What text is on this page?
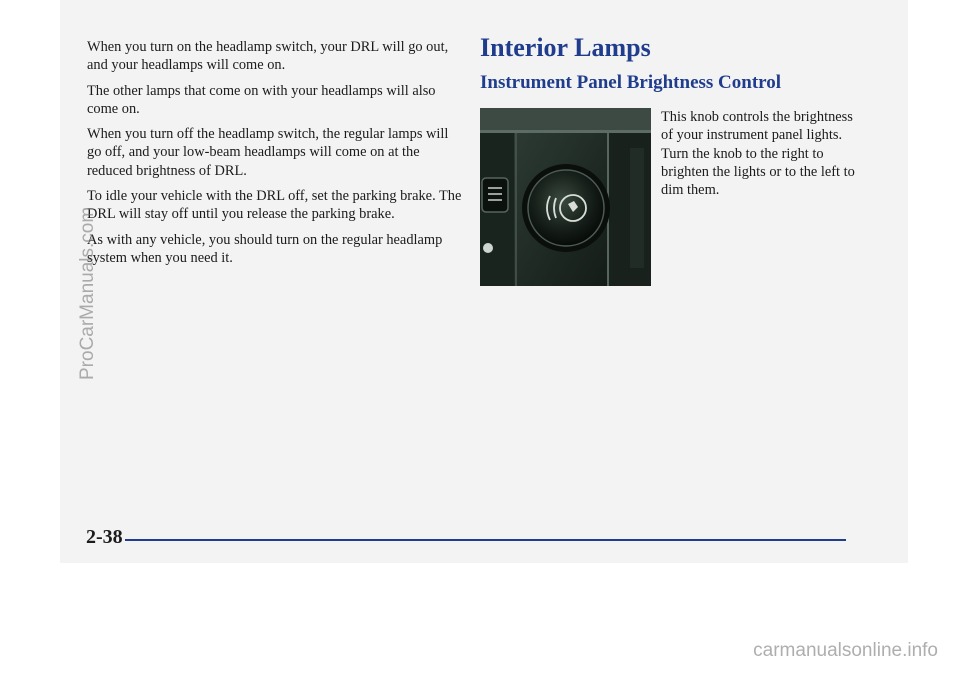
When you turn on the headlamp switch, your DRL will go out, and your headlamps will come on.

The other lamps that come on with your headlamps will also come on.

When you turn off the headlamp switch, the regular lamps will go off, and your low-beam headlamps will come on at the reduced brightness of DRL.

To idle your vehicle with the DRL off, set the parking brake. The DRL will stay off until you release the parking brake.

As with any vehicle, you should turn on the regular headlamp system when you need it.

Interior Lamps
Instrument Panel Brightness Control

This knob controls the brightness of your instrument panel lights. Turn the knob to the right to brighten the lights or to the left to dim them.

2-38
ProCarManuals.com
carmanualsonline.info
